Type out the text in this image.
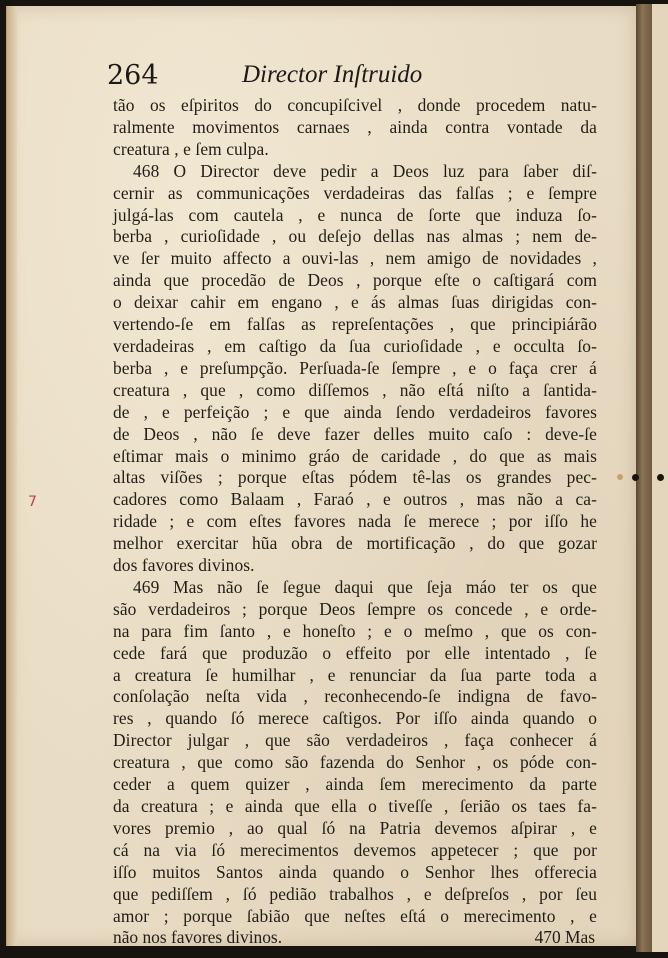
7
264	Director Inſtruido
tão os eſpiritos do concupiſcivel , donde procedem natu-
ralmente movimentos carnaes , ainda contra vontade da
creatura , e ſem culpa.
468 O Director deve pedir a Deos luz para ſaber diſ-
cernir as communicações verdadeiras das falſas ; e ſempre
julgá-las com cautela , e nunca de ſorte que induza ſo-
berba , curioſidade , ou deſejo dellas nas almas ; nem de-
ve ſer muito affecto a ouvi-las , nem amigo de novidades ,
ainda que procedão de Deos , porque eſte o caſtigará com
o deixar cahir em engano , e ás almas ſuas dirigidas con-
vertendo-ſe em falſas as repreſentações , que principiárão
verdadeiras , em caſtigo da ſua curioſidade , e occulta ſo-
berba , e preſumpção. Perſuada-ſe ſempre , e o faça crer á
creatura , que , como diſſemos , não eſtá niſto a ſantida-
de , e perfeição ; e que ainda ſendo verdadeiros favores
de Deos , não ſe deve fazer delles muito caſo : deve-ſe
eſtimar mais o minimo gráo de caridade , do que as mais
altas viſões ; porque eſtas pódem tê-las os grandes pec-
cadores como Balaam , Faraó , e outros , mas não a ca-
ridade ; e com eſtes favores nada ſe merece ; por iſſo he
melhor exercitar hũa obra de mortificação , do que gozar
dos favores divinos.
469 Mas não ſe ſegue daqui que ſeja máo ter os que
são verdadeiros ; porque Deos ſempre os concede , e orde-
na para fim ſanto , e honeſto ; e o meſmo , que os con-
cede fará que produzão o effeito por elle intentado , ſe
a creatura ſe humilhar , e renunciar da ſua parte toda a
conſolação neſta vida , reconhecendo-ſe indigna de favo-
res , quando ſó merece caſtigos. Por iſſo ainda quando o
Director julgar , que são verdadeiros , faça conhecer á
creatura , que como são fazenda do Senhor , os póde con-
ceder a quem quizer , ainda ſem merecimento da parte
da creatura ; e ainda que ella o tiveſſe , ſerião os taes fa-
vores premio , ao qual ſó na Patria devemos aſpirar , e
cá na via ſó merecimentos devemos appetecer ; que por
iſſo muitos Santos ainda quando o Senhor lhes offerecia
que pediſſem , ſó pedião trabalhos , e deſpreſos , por ſeu
amor ; porque ſabião que neſtes eſtá o merecimento , e
não nos favores divinos.	470 Mas
